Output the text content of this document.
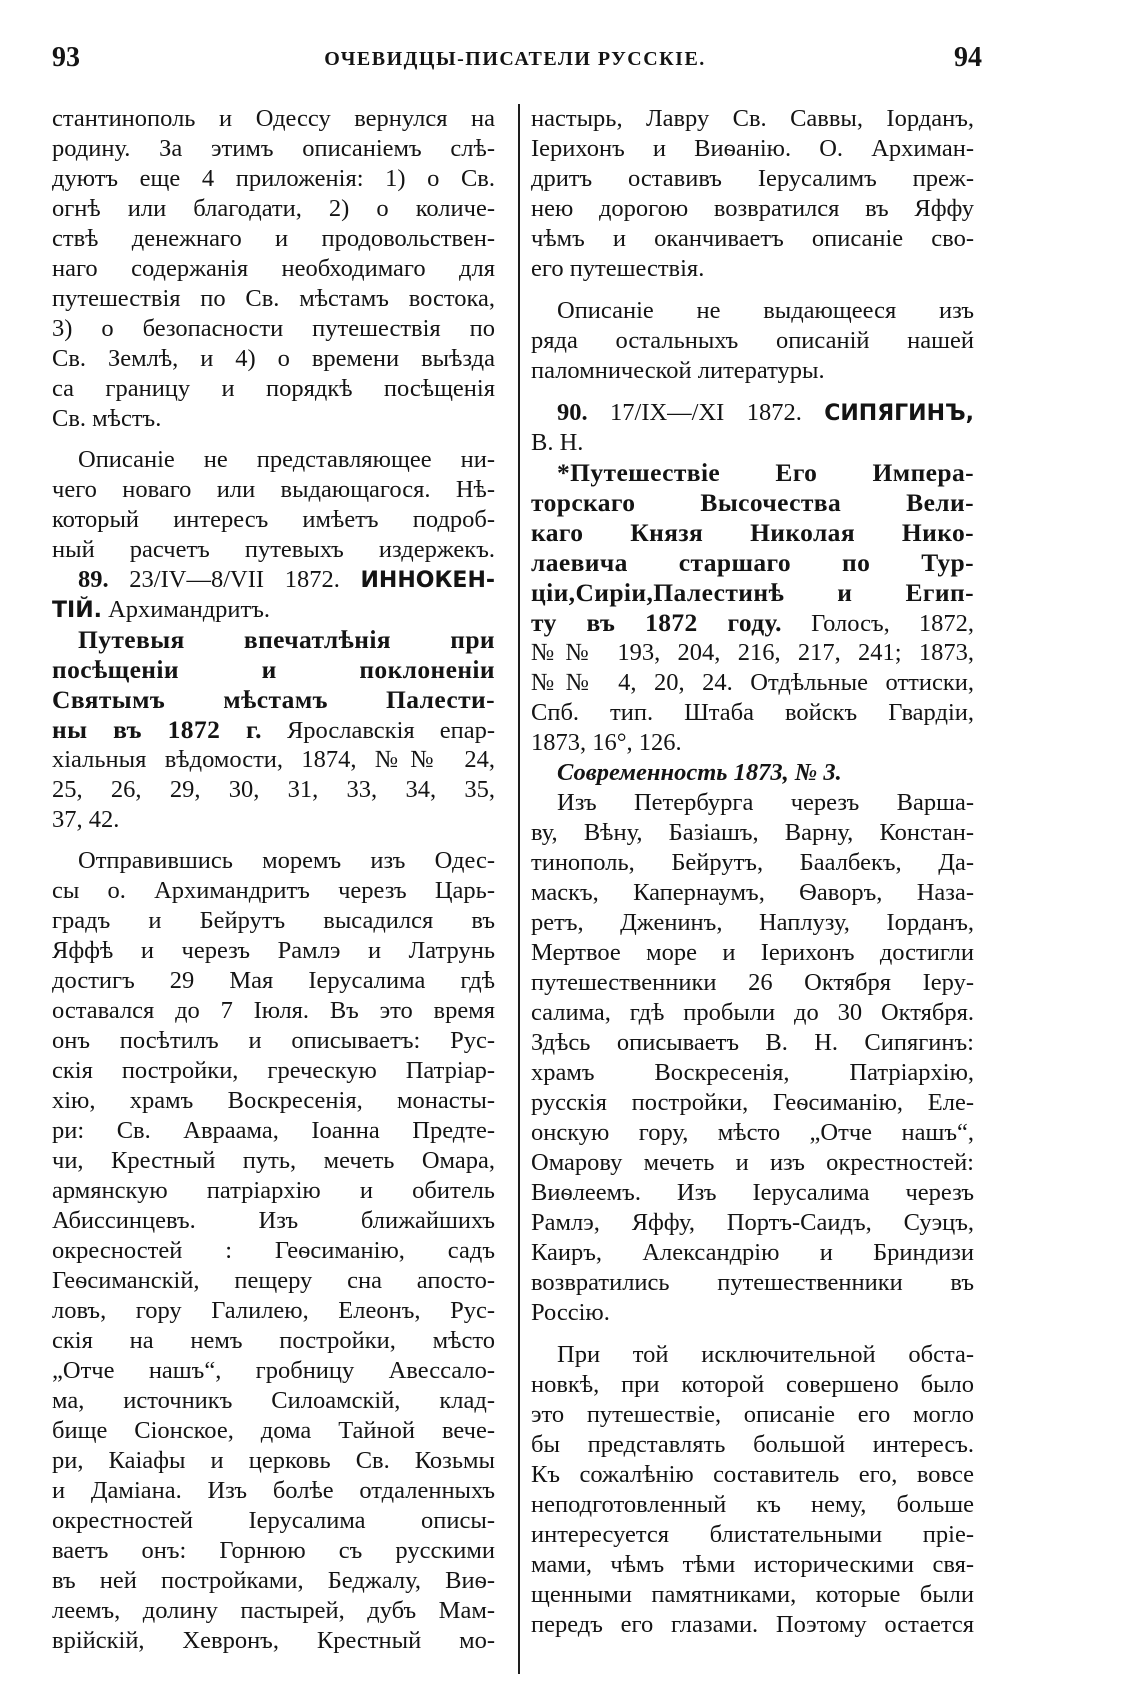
93	ОЧЕВИДЦЫ-ПИСАТЕЛИ РУССКІЕ.	94
стантинополь и Одессу вернулся на
родину. За этимъ описаніемъ слѣ-
дуютъ еще 4 приложенія: 1) о Св.
огнѣ или благодати, 2) о количе-
ствѣ денежнаго и продовольствен-
наго содержанія необходимаго для
путешествія по Св. мѣстамъ востока,
3) о безопасности путешествія по
Св. Землѣ, и 4) о времени выѣзда
са границу и порядкѣ посѣщенія
Св. мѣстъ.
Описаніе не представляющее ни-
чего новаго или выдающагося. Нѣ-
который интересъ имѣетъ подроб-
ный расчетъ путевыхъ издержекъ.
89. 23/IV—8/VII 1872. ИННОКЕН-
ТІЙ. Архимандритъ.
Путевыя впечатлѣнія при
посѣщеніи и поклоненіи
Святымъ мѣстамъ Палести-
ны въ 1872 г. Ярославскія епар-
хіальныя вѣдомости, 1874, №№ 24,
25, 26, 29, 30, 31, 33, 34, 35,
37, 42.
Отправившись моремъ изъ Одес-
сы о. Архимандритъ черезъ Царь-
градъ и Бейрутъ высадился въ
Яффѣ и черезъ Рамлэ и Латрунь
достигъ 29 Мая Іерусалима гдѣ
оставался до 7 Іюля. Въ это время
онъ посѣтилъ и описываетъ: Рус-
скія постройки, греческую Патріар-
хію, храмъ Воскресенія, монасты-
ри: Св. Авраама, Іоанна Предте-
чи, Крестный путь, мечеть Омара,
армянскую патріархію и обитель
Абиссинцевъ. Изъ ближайшихъ
окресностей : Геѳсиманію, садъ
Геѳсиманскій, пещеру сна апосто-
ловъ, гору Галилею, Елеонъ, Рус-
скія на немъ постройки, мѣсто
„Отче нашъ“, гробницу Авессало-
ма, источникъ Силоамскій, клад-
бище Сіонское, дома Тайной вече-
ри, Каіафы и церковь Св. Козьмы
и Даміана. Изъ болѣе отдаленныхъ
окрестностей Іерусалима описы-
ваетъ онъ: Горнюю съ русскими
въ ней постройками, Беджалу, Виѳ-
леемъ, долину пастырей, дубъ Мам-
врійскій, Хевронъ, Крестный мо-
настырь, Лавру Св. Саввы, Іорданъ,
Іерихонъ и Виѳанію. О. Архиман-
дритъ оставивъ Іерусалимъ преж-
нею дорогою возвратился въ Яффу
чѣмъ и оканчиваетъ описаніе сво-
его путешествія.
Описаніе не выдающееся изъ
ряда остальныхъ описаній нашей
паломнической литературы.
90. 17/IX—/XI 1872. СИПЯГИНЪ,
В. Н.
*Путешествіе Его Импера-
торскаго Высочества Вели-
каго Князя Николая Нико-
лаевича старшаго по Тур-
ціи,Сиріи,Палестинѣ и Егип-
ту въ 1872 году. Голосъ, 1872,
№№ 193, 204, 216, 217, 241; 1873,
№№ 4, 20, 24. Отдѣльные оттиски,
Спб. тип. Штаба войскъ Гвардіи,
1873, 16°, 126.
Современность 1873, № 3.
Изъ Петербурга черезъ Варша-
ву, Вѣну, Базіашъ, Варну, Констан-
тинополь, Бейрутъ, Баалбекъ, Да-
маскъ, Капернаумъ, Ѳаворъ, Наза-
ретъ, Дженинъ, Наплузу, Іорданъ,
Мертвое море и Іерихонъ достигли
путешественники 26 Октября Іеру-
салима, гдѣ пробыли до 30 Октября.
Здѣсь описываетъ В. Н. Сипягинъ:
храмъ Воскресенія, Патріархію,
русскія постройки, Геѳсиманію, Еле-
онскую гору, мѣсто „Отче нашъ“,
Омарову мечеть и изъ окрестностей:
Виѳлеемъ. Изъ Іерусалима черезъ
Рамлэ, Яффу, Портъ-Саидъ, Суэцъ,
Каиръ, Александрію и Бриндизи
возвратились путешественники въ
Россію.
При той исключительной обста-
новкѣ, при которой совершено было
это путешествіе, описаніе его могло
бы представлять большой интересъ.
Къ сожалѣнію составитель его, вовсе
неподготовленный къ нему, больше
интересуется блистательными пріе-
мами, чѣмъ тѣми историческими свя-
щенными памятниками, которые были
передъ его глазами. Поэтому остается
